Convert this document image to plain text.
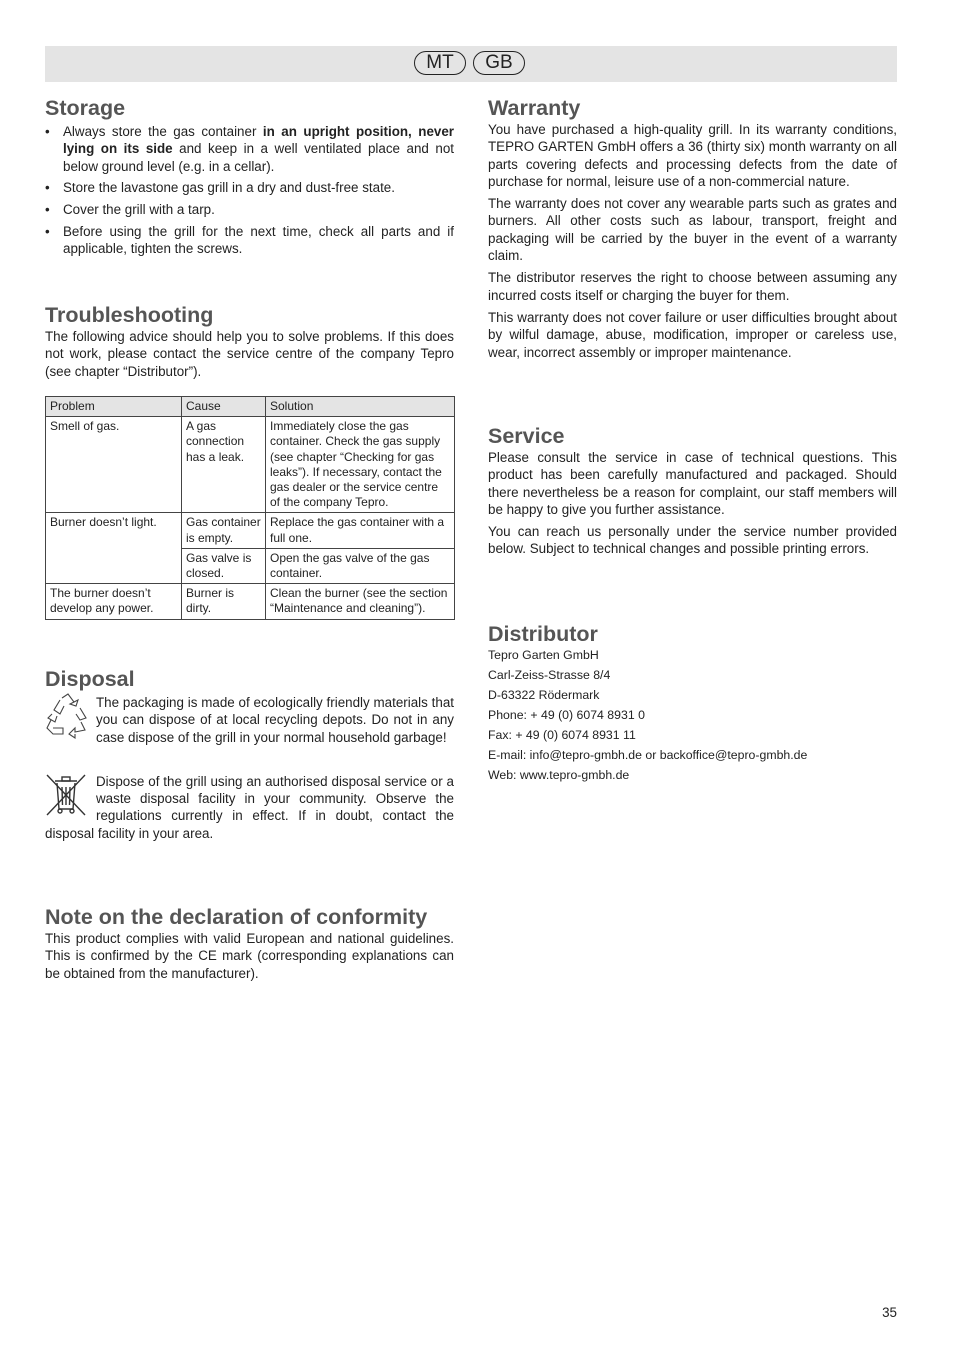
MT	GB
Storage
• Always store the gas container in an upright position, never lying on its side and keep in a well ventilated place and not below ground level (e.g. in a cellar).
• Store the lavastone gas grill in a dry and dust-free state.
• Cover the grill with a tarp.
• Before using the grill for the next time, check all parts and if applicable, tighten the screws.
Troubleshooting

The following advice should help you to solve problems. If this does not work, please contact the service centre of the company Tepro (see chapter “Distributor”).

Problem	Cause	Solution
Smell of gas.	A gas connection has a leak.	Immediately close the gas container. Check the gas supply (see chapter “Checking for gas leaks”). If necessary, contact the gas dealer or the service centre of the company Tepro.
Burner doesn’t light.	Gas container is empty.	Replace the gas container with a full one.
	Gas valve is closed.	Open the gas valve of the gas container.
The burner doesn’t develop any power.	Burner is dirty.	Clean the burner (see the section “Maintenance and cleaning”).
Disposal

The packaging is made of ecologically friendly materials that you can dispose of at local recycling depots. Do not in any case dispose of the grill in your normal household garbage!

Dispose of the grill using an authorised disposal service or a waste disposal facility in your community. Observe the regulations currently in effect. If in doubt, contact the disposal facility in your area.

Note on the declaration of conformity

This product complies with valid European and national guidelines. This is confirmed by the CE mark (corresponding explanations can be obtained from the manufacturer).

Warranty

You have purchased a high-quality grill. In its warranty conditions, TEPRO GARTEN GmbH offers a 36 (thirty six) month warranty on all parts covering defects and processing defects from the date of purchase for normal, leisure use of a non-commercial nature.

The warranty does not cover any wearable parts such as grates and burners. All other costs such as labour, transport, freight and packaging will be carried by the buyer in the event of a warranty claim.

The distributor reserves the right to choose between assuming any incurred costs itself or charging the buyer for them.

This warranty does not cover failure or user difficulties brought about by wilful damage, abuse, modification, improper or careless use, wear, incorrect assembly or improper maintenance.

Service

Please consult the service in case of technical questions. This product has been carefully manufactured and packaged. Should there nevertheless be a reason for complaint, our staff members will be happy to give you further assistance.

You can reach us personally under the service number provided below. Subject to technical changes and possible printing errors.

Distributor
Tepro Garten GmbH
Carl-Zeiss-Strasse 8/4
D-63322 Rödermark
Phone: + 49 (0) 6074 8931 0
Fax: + 49 (0) 6074 8931 11
E-mail: info@tepro-gmbh.de or backoffice@tepro-gmbh.de
Web: www.tepro-gmbh.de
35
